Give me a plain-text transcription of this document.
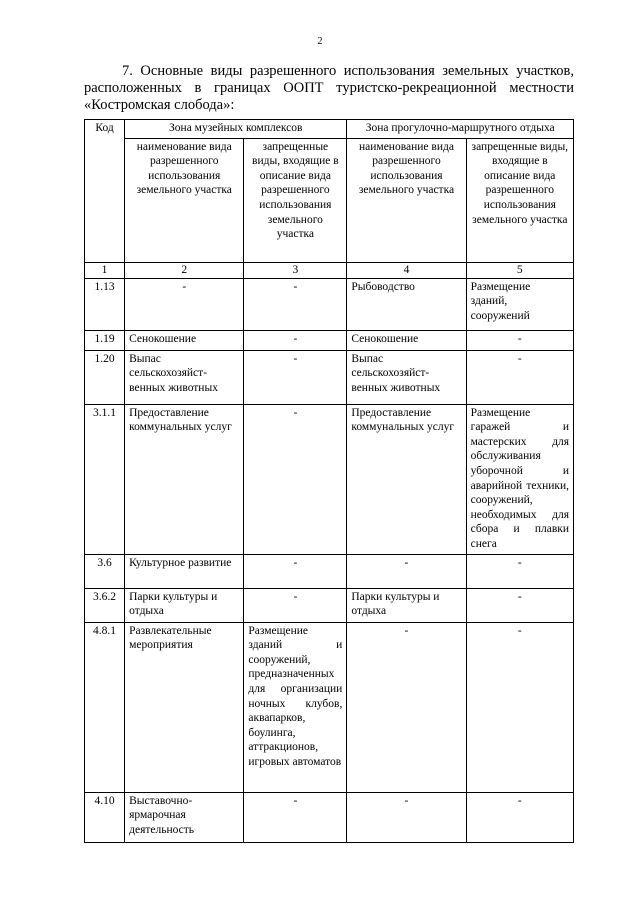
2

7. Основные виды разрешенного использования земельных участков, расположенных в границах ООПТ туристско-рекреационной местности «Костромская слобода»:

Код	Зона музейных комплексов		Зона прогулочно-маршрутного отдыха	
	наименование вида разрешенного использования земельного участка	запрещенные виды, входящие в описание вида разрешенного использования земельного участка	наименование вида разрешенного использования земельного участка	запрещенные виды, входящие в описание вида разрешенного использования земельного участка
1	2	3	4	5
1.13	-	-	Рыбоводство	Размещение зданий, сооружений
1.19	Сенокошение	-	Сенокошение	-
1.20	Выпас сельскохозяйст-венных животных	-	Выпас сельскохозяйст-венных животных	-
3.1.1	Предоставление коммунальных услуг	-	Предоставление коммунальных услуг	Размещение гаражей и мастерских для обслуживания уборочной и аварийной техники, сооружений, необходимых для сбора и плавки снега
3.6	Культурное развитие	-	-	-
3.6.2	Парки культуры и отдыха	-	Парки культуры и отдыха	-
4.8.1	Развлекательные мероприятия	Размещение зданий и сооружений, предназначенных для организации ночных клубов, аквапарков, боулинга, аттракционов, игровых автоматов	-	-
4.10	Выставочно-ярмарочная деятельность	-	-	-
